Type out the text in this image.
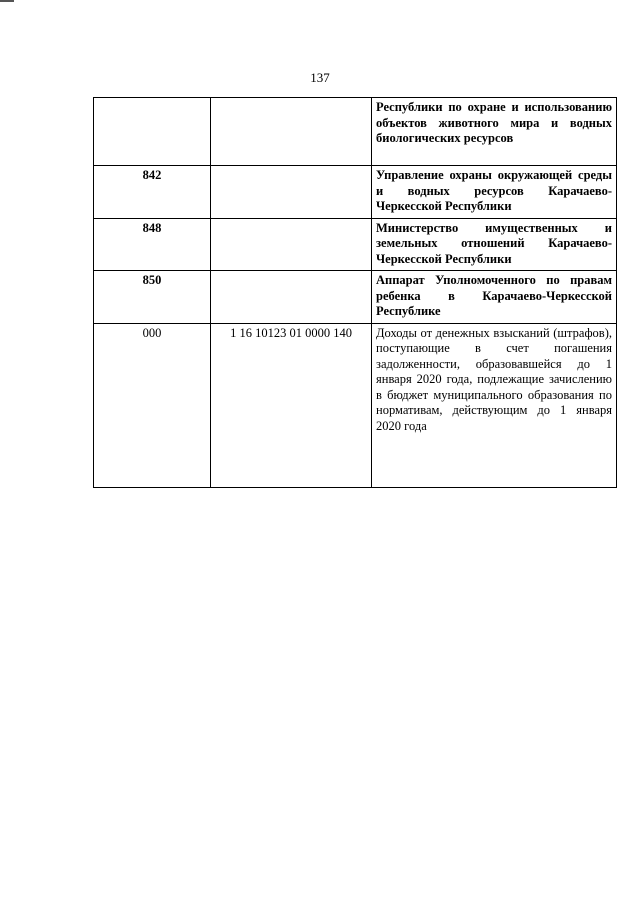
137
		Республики по охране и использованию объектов животного мира и водных биологических ресурсов
842		Управление охраны окружающей среды и водных ресурсов Карачаево-Черкесской Республики
848		Министерство имущественных и земельных отношений Карачаево-Черкесской Республики
850		Аппарат Уполномоченного по правам ребенка в Карачаево-Черкесской Республике
000	1 16 10123 01 0000 140	Доходы от денежных взысканий (штрафов), поступающие в счет погашения задолженности, образовавшейся до 1 января 2020 года, подлежащие зачислению в бюджет муниципального образования по нормативам, действующим до 1 января 2020 года
